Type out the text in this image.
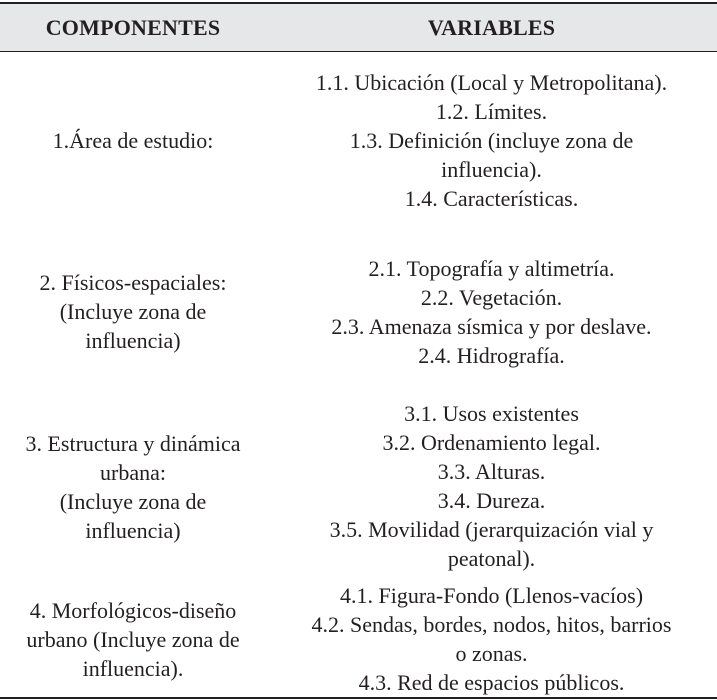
COMPONENTES	VARIABLES
1.Área de estudio:
1.1. Ubicación (Local y Metropolitana).
1.2. Límites.
1.3. Definición (incluye zona de
influencia).
1.4. Características.
2. Físicos-espaciales:
(Incluye zona de
influencia)
2.1. Topografía y altimetría.
2.2. Vegetación.
2.3. Amenaza sísmica y por deslave.
2.4. Hidrografía.
3. Estructura y dinámica
urbana:
(Incluye zona de
influencia)
3.1. Usos existentes
3.2. Ordenamiento legal.
3.3. Alturas.
3.4. Dureza.
3.5. Movilidad (jerarquización vial y
peatonal).
4. Morfológicos-diseño
urbano (Incluye zona de
influencia).
4.1. Figura-Fondo (Llenos-vacíos)
4.2. Sendas, bordes, nodos, hitos, barrios
o zonas.
4.3. Red de espacios públicos.
